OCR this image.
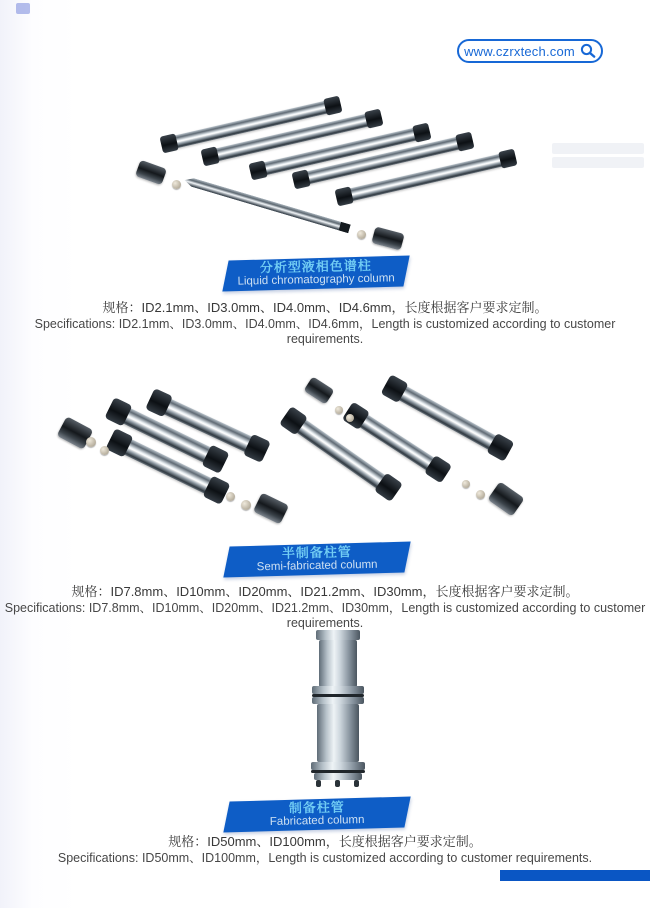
www.czrxtech.com
分析型液相色谱柱
Liquid chromatography column
规格：ID2.1mm、ID3.0mm、ID4.0mm、ID4.6mm，长度根据客户要求定制。
Specifications: ID2.1mm、ID3.0mm、ID4.0mm、ID4.6mm，Length is customized according to customer requirements.
半制备柱管
Semi-fabricated column
规格：ID7.8mm、ID10mm、ID20mm、ID21.2mm、ID30mm，长度根据客户要求定制。
Specifications: ID7.8mm、ID10mm、ID20mm、ID21.2mm、ID30mm，Length is customized according to customer requirements.
制备柱管
Fabricated column
规格：ID50mm、ID100mm，长度根据客户要求定制。
Specifications: ID50mm、ID100mm，Length is customized according to customer requirements.
